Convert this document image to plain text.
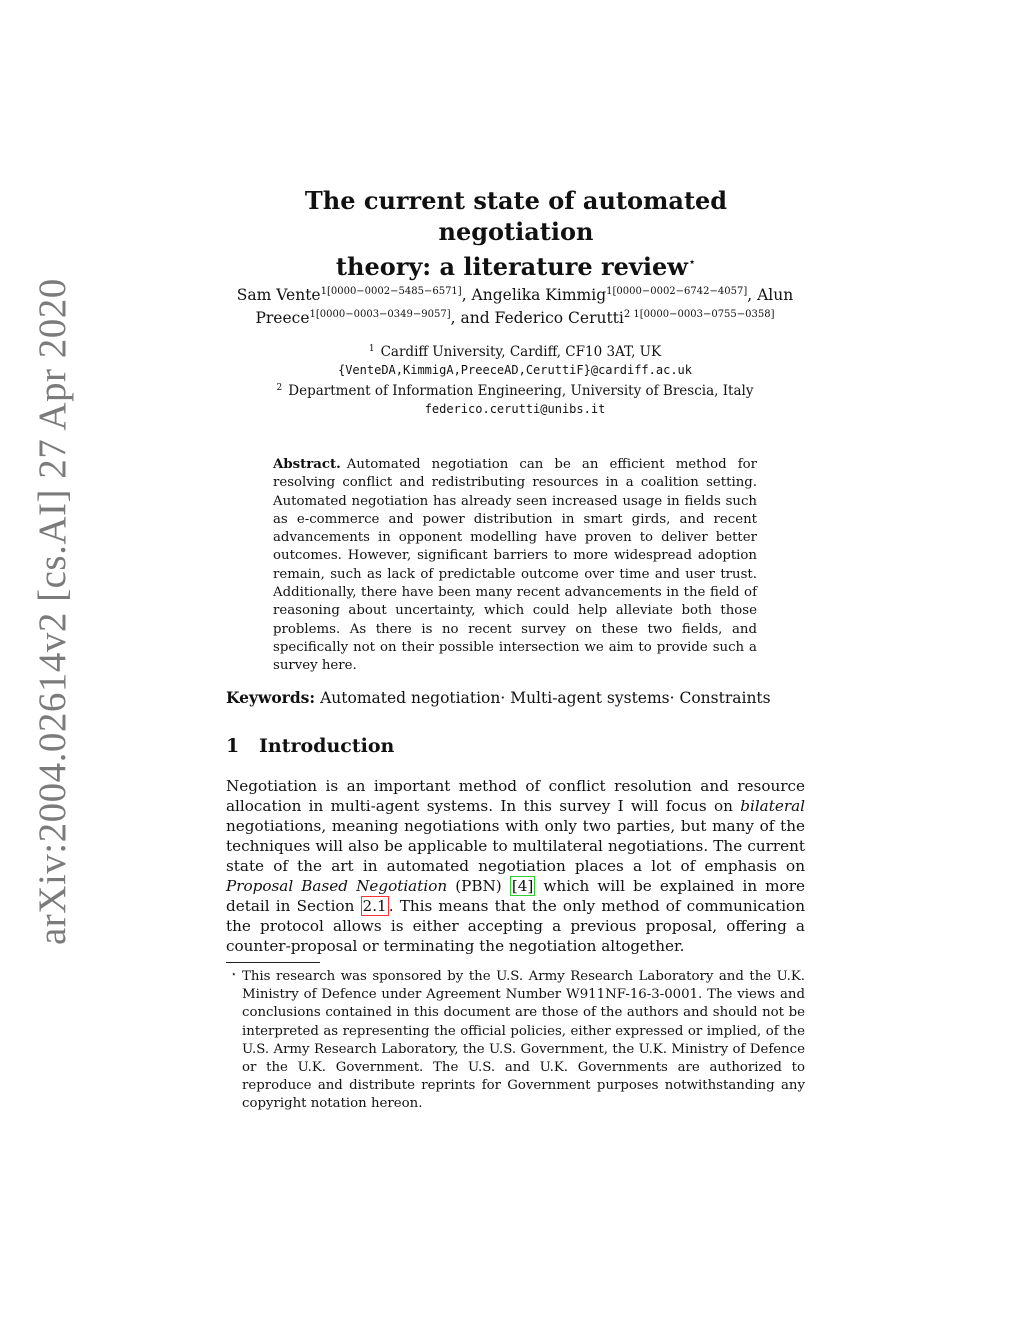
arXiv:2004.02614v2 [cs.AI] 27 Apr 2020
The current state of automated negotiation
theory: a literature review⋆
Sam Vente$^{1[0000-0002-5485-6571]}$, Angelika Kimmig$^{1[0000-0002-6742-4057]}$, Alun Preece$^{1[0000-0003-0349-9057]}$, and Federico Cerutti$^{2 1[0000-0003-0755-0358]}$
$^1$ Cardiff University, Cardiff, CF10 3AT, UK
{VenteDA,KimmigA,PreeceAD,CeruttiF}@cardiff.ac.uk
$^2$ Department of Information Engineering, University of Brescia, Italy
federico.cerutti@unibs.it
Abstract. Automated negotiation can be an efficient method for resolving conflict and redistributing resources in a coalition setting. Automated negotiation has already seen increased usage in fields such as e-commerce and power distribution in smart girds, and recent advancements in opponent modelling have proven to deliver better outcomes. However, significant barriers to more widespread adoption remain, such as lack of predictable outcome over time and user trust. Additionally, there have been many recent advancements in the field of reasoning about uncertainty, which could help alleviate both those problems. As there is no recent survey on these two fields, and specifically not on their possible intersection we aim to provide such a survey here.
Keywords: Automated negotiation· Multi-agent systems· Constraints
1 Introduction
Negotiation is an important method of conflict resolution and resource allocation in multi-agent systems. In this survey I will focus on bilateral negotiations, meaning negotiations with only two parties, but many of the techniques will also be applicable to multilateral negotiations. The current state of the art in automated negotiation places a lot of emphasis on Proposal Based Negotiation (PBN) [4] which will be explained in more detail in Section 2.1 . This means that the only method of communication the protocol allows is either accepting a previous proposal, offering a counter-proposal or terminating the negotiation altogether.
⋆ This research was sponsored by the U.S. Army Research Laboratory and the U.K. Ministry of Defence under Agreement Number W911NF-16-3-0001. The views and conclusions contained in this document are those of the authors and should not be interpreted as representing the official policies, either expressed or implied, of the U.S. Army Research Laboratory, the U.S. Government, the U.K. Ministry of Defence or the U.K. Government. The U.S. and U.K. Governments are authorized to reproduce and distribute reprints for Government purposes notwithstanding any copyright notation hereon.
